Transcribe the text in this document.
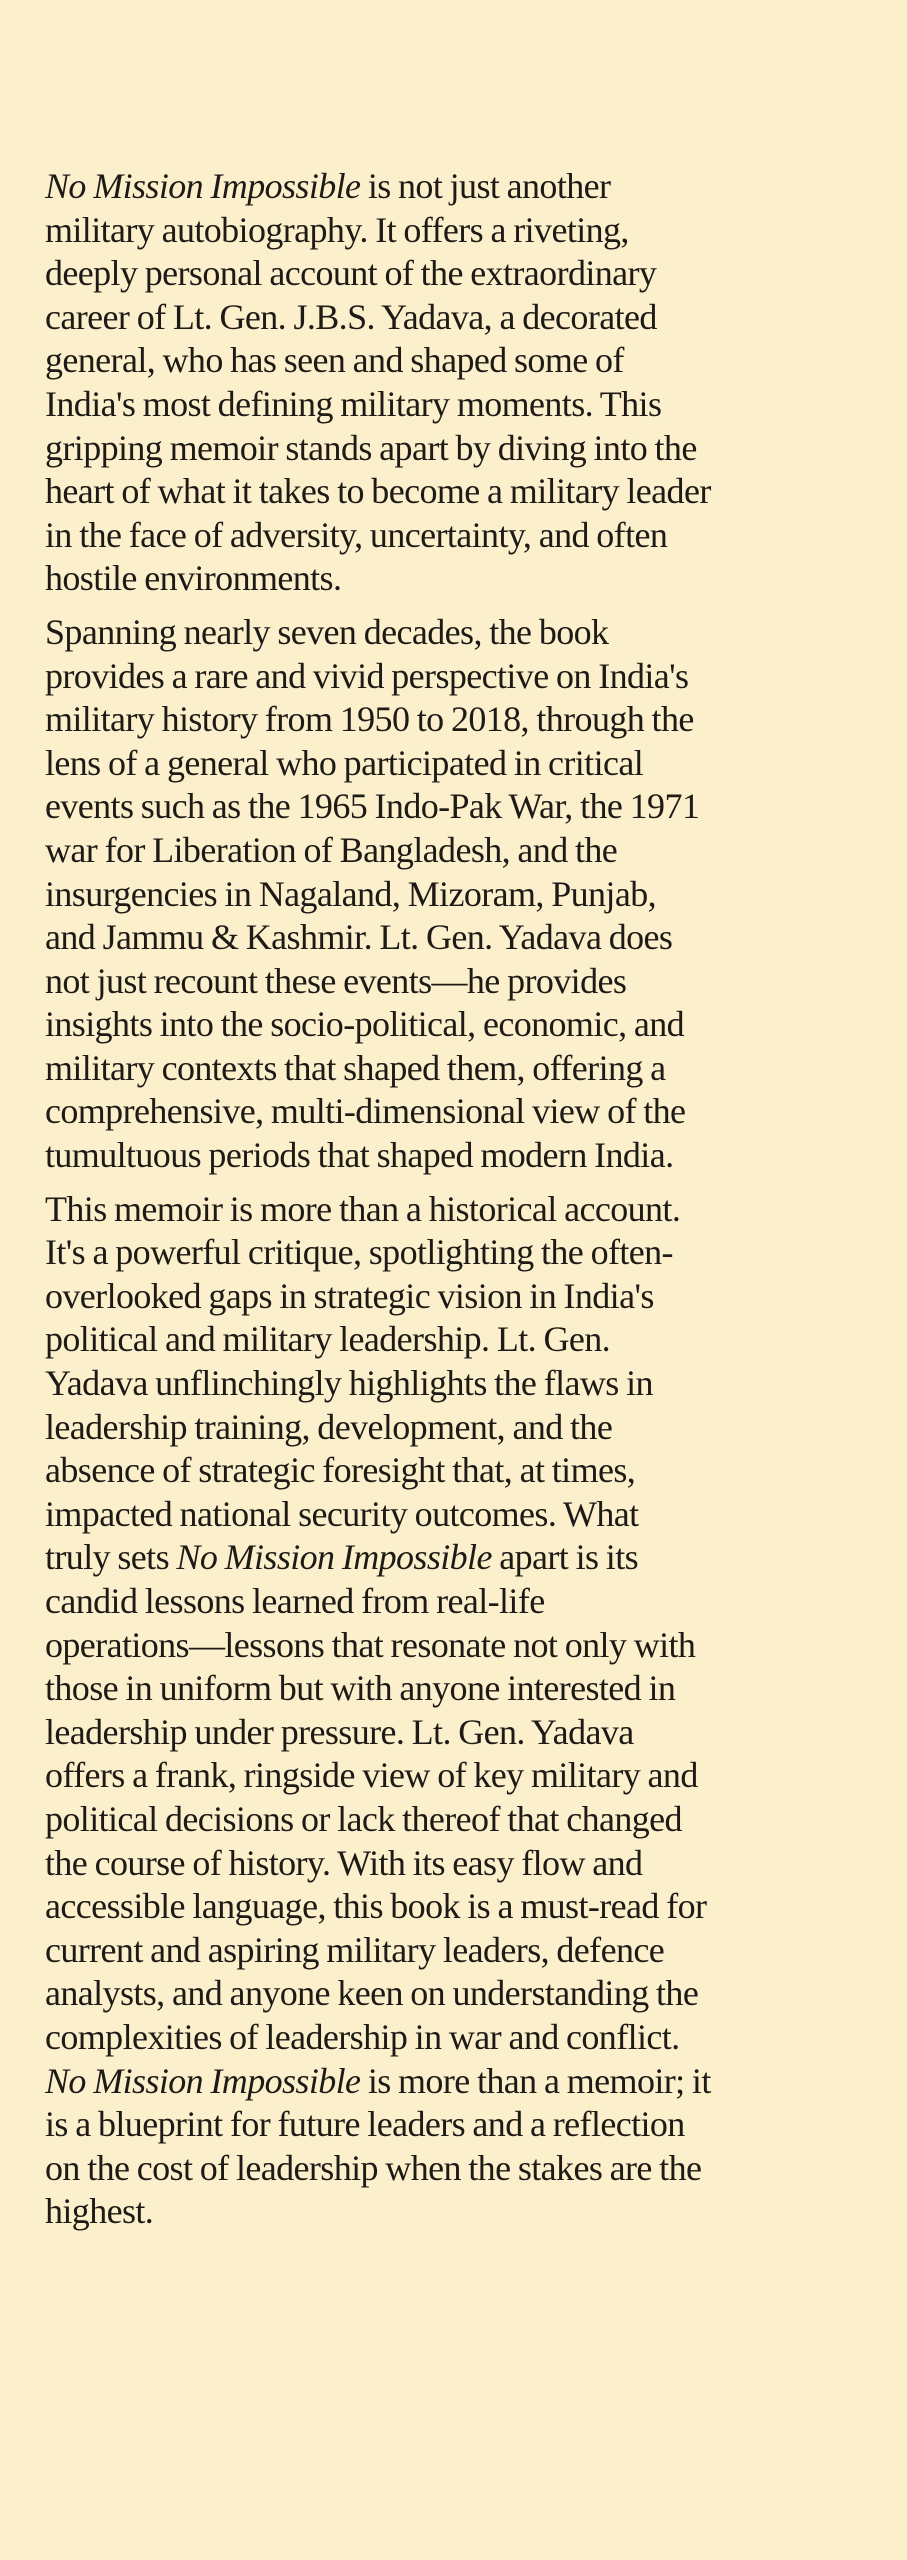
No Mission Impossible is not just another
military autobiography. It offers a riveting,
deeply personal account of the extraordinary
career of Lt. Gen. J.B.S. Yadava, a decorated
general, who has seen and shaped some of
India's most defining military moments. This
gripping memoir stands apart by diving into the
heart of what it takes to become a military leader
in the face of adversity, uncertainty, and often
hostile environments.
Spanning nearly seven decades, the book
provides a rare and vivid perspective on India's
military history from 1950 to 2018, through the
lens of a general who participated in critical
events such as the 1965 Indo-Pak War, the 1971
war for Liberation of Bangladesh, and the
insurgencies in Nagaland, Mizoram, Punjab,
and Jammu & Kashmir. Lt. Gen. Yadava does
not just recount these events—he provides
insights into the socio-political, economic, and
military contexts that shaped them, offering a
comprehensive, multi-dimensional view of the
tumultuous periods that shaped modern India.
This memoir is more than a historical account.
It's a powerful critique, spotlighting the often-
overlooked gaps in strategic vision in India's
political and military leadership. Lt. Gen.
Yadava unflinchingly highlights the flaws in
leadership training, development, and the
absence of strategic foresight that, at times,
impacted national security outcomes. What
truly sets No Mission Impossible apart is its
candid lessons learned from real-life
operations—lessons that resonate not only with
those in uniform but with anyone interested in
leadership under pressure. Lt. Gen. Yadava
offers a frank, ringside view of key military and
political decisions or lack thereof that changed
the course of history. With its easy flow and
accessible language, this book is a must-read for
current and aspiring military leaders, defence
analysts, and anyone keen on understanding the
complexities of leadership in war and conflict.
No Mission Impossible is more than a memoir; it
is a blueprint for future leaders and a reflection
on the cost of leadership when the stakes are the
highest.
